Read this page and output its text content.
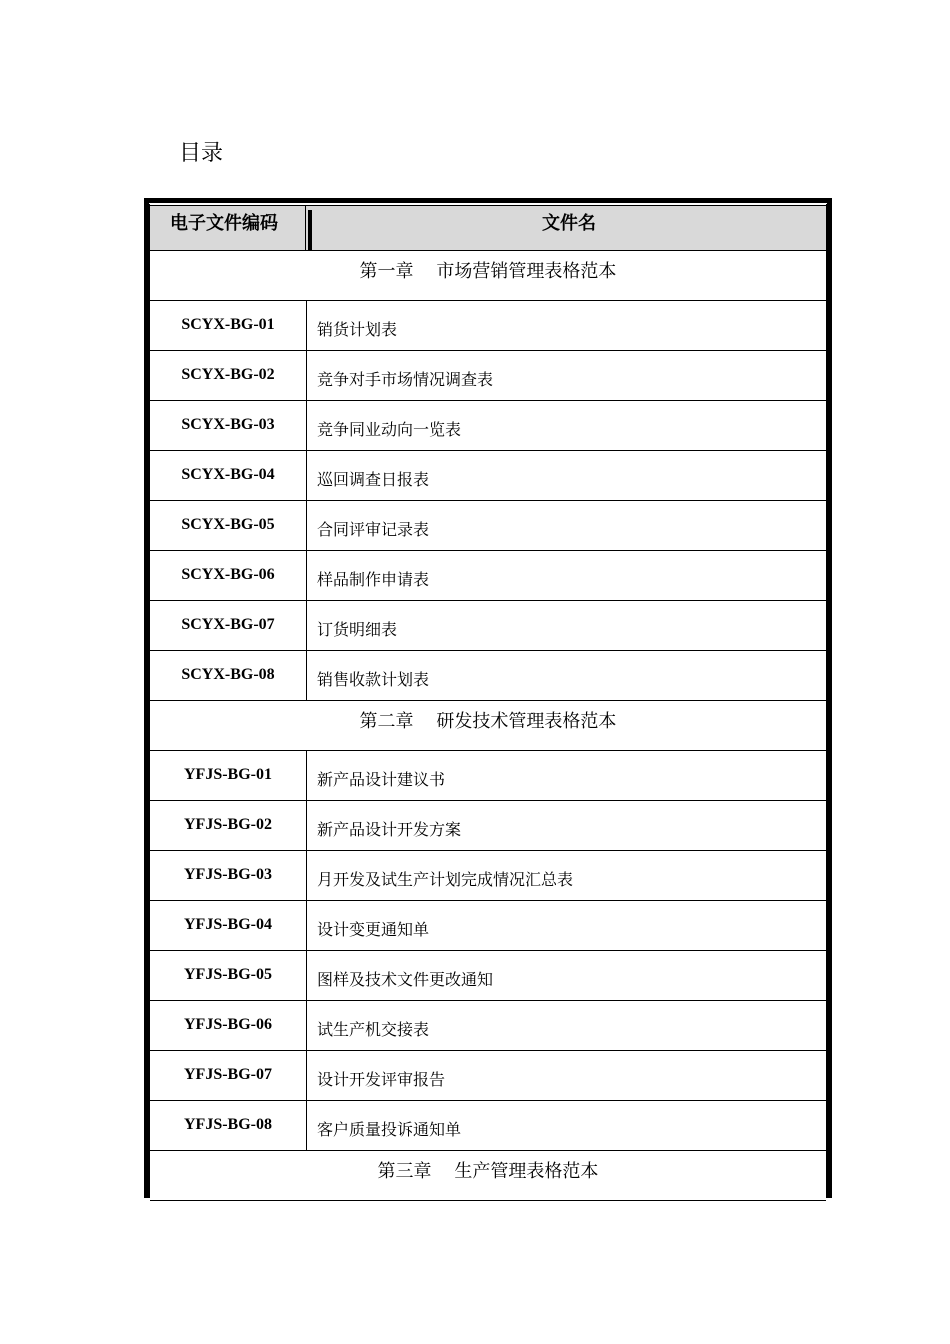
目录
电子文件编码	文件名
第一章    市场营销管理表格范本
SCYX-BG-01	销货计划表
SCYX-BG-02	竞争对手市场情况调查表
SCYX-BG-03	竞争同业动向一览表
SCYX-BG-04	巡回调查日报表
SCYX-BG-05	合同评审记录表
SCYX-BG-06	样品制作申请表
SCYX-BG-07	订货明细表
SCYX-BG-08	销售收款计划表
第二章    研发技术管理表格范本
YFJS-BG-01	新产品设计建议书
YFJS-BG-02	新产品设计开发方案
YFJS-BG-03	月开发及试生产计划完成情况汇总表
YFJS-BG-04	设计变更通知单
YFJS-BG-05	图样及技术文件更改通知
YFJS-BG-06	试生产机交接表
YFJS-BG-07	设计开发评审报告
YFJS-BG-08	客户质量投诉通知单
第三章    生产管理表格范本
